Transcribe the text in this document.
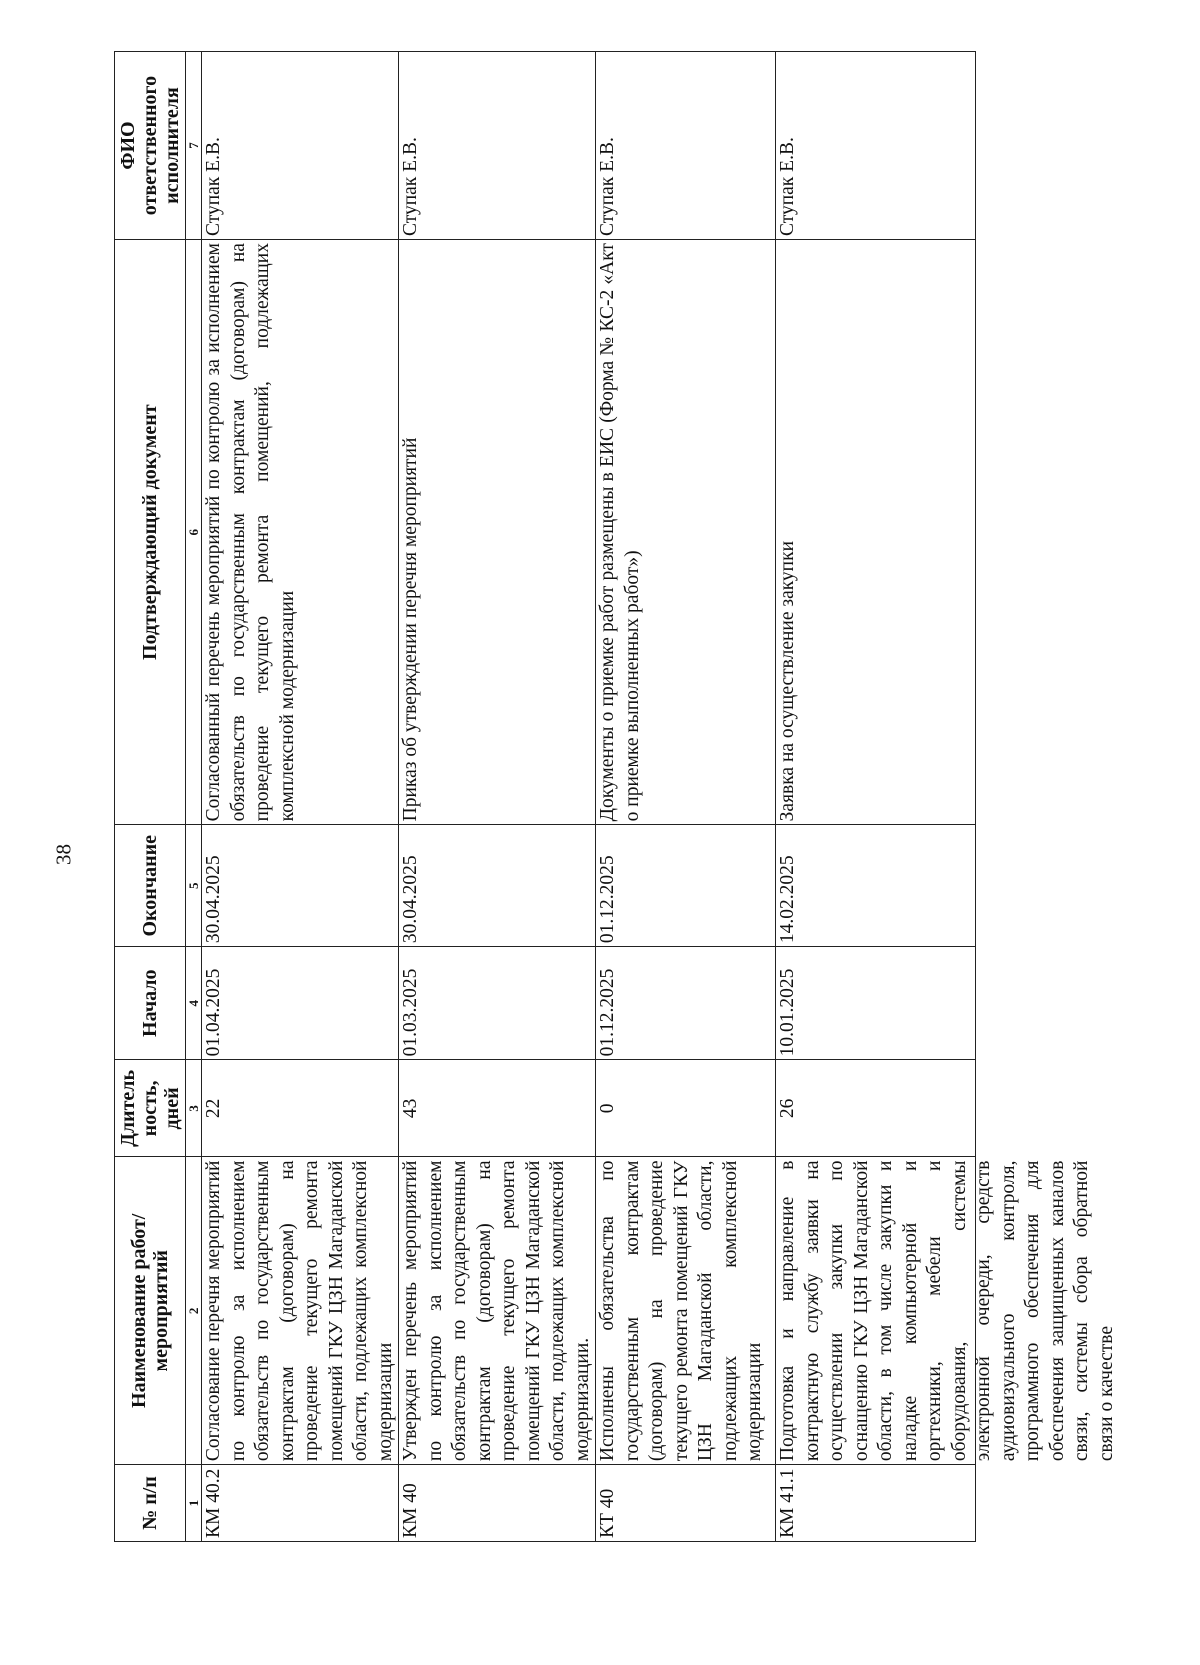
38
№ п/п	Наименование работ/ мероприятий	Длитель ность, дней	Начало	Окончание	Подтверждающий документ	ФИО ответственного исполнителя
1	2	3	4	5	6	7
КМ 40.2	Согласование перечня мероприятий по контролю за исполнением обязательств по государственным контрактам (договорам) на проведение текущего ремонта помещений ГКУ ЦЗН Магаданской области, подлежащих комплексной модернизации	22	01.04.2025	30.04.2025	Согласованный перечень мероприятий по контролю за исполнением обязательств по государственным контрактам (договорам) на проведение текущего ремонта помещений, подлежащих комплексной модернизации	Ступак Е.В.
КМ 40	Утвержден перечень мероприятий по контролю за исполнением обязательств по государственным контрактам (договорам) на проведение текущего ремонта помещений ГКУ ЦЗН Магаданской области, подлежащих комплексной модернизации.	43	01.03.2025	30.04.2025	Приказ об утверждении перечня мероприятий	Ступак Е.В.
КТ 40	Исполнены обязательства по государственным контрактам (договорам) на проведение текущего ремонта помещений ГКУ ЦЗН Магаданской области, подлежащих комплексной модернизации	0	01.12.2025	01.12.2025	Документы о приемке работ размещены в ЕИС (Форма № КС-2 «Акт о приемке выполненных работ»)	Ступак Е.В.
КМ 41.1	Подготовка и направление в контрактную службу заявки на осуществлении закупки по оснащению ГКУ ЦЗН Магаданской области, в том числе закупки и наладке компьютерной и оргтехники, мебели и оборудования, системы электронной очереди, средств аудиовизуального контроля, программного обеспечения для обеспечения защищенных каналов связи, системы сбора обратной связи о качестве	26	10.01.2025	14.02.2025	Заявка на осуществление закупки	Ступак Е.В.
